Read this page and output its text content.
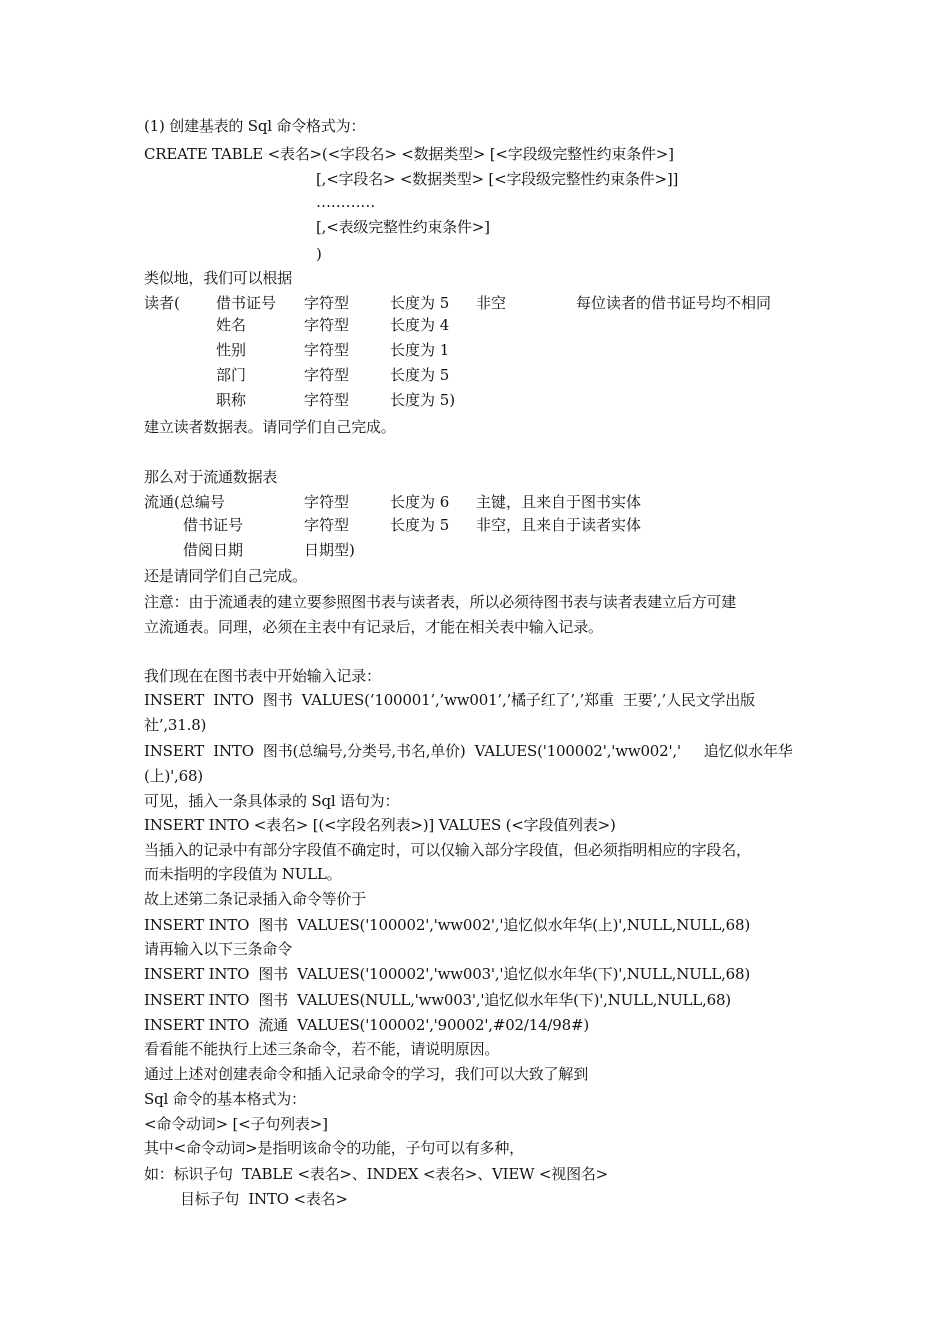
(1) 创建基表的 Sql 命令格式为：
CREATE TABLE <表名>(<字段名> <数据类型> [<字段级完整性约束条件>]
[,<字段名> <数据类型> [<字段级完整性约束条件>]]
…………
[,<表级完整性约束条件>]
)
类似地，我们可以根据
读者( 借书证号 字符型	长度为 5 非空	每位读者的借书证号均不相同
姓名	字符型	长度为 4
性别	字符型	长度为 1
部门	字符型	长度为 5
职称	字符型	长度为 5)
建立读者数据表。请同学们自己完成。
那么对于流通数据表
流通(总编号	字符型	长度为 6 主键，且来自于图书实体
借书证号	字符型	长度为 5 非空，且来自于读者实体
借阅日期	日期型)
还是请同学们自己完成。
注意：由于流通表的建立要参照图书表与读者表，所以必须待图书表与读者表建立后方可建
立流通表。同理，必须在主表中有记录后，才能在相关表中输入记录。
我们现在在图书表中开始输入记录：
INSERT  INTO  图书  VALUES(‘100001’,’ww001’,’橘子红了’,’郑重  王要’,’人民文学出版
社’,31.8)
INSERT  INTO  图书(总编号,分类号,书名,单价)  VALUES('100002','ww002','     追忆似水年华
(上)',68)
可见，插入一条具体录的 Sql 语句为：
INSERT INTO <表名> [(<字段名列表>)] VALUES (<字段值列表>)
当插入的记录中有部分字段值不确定时，可以仅输入部分字段值，但必须指明相应的字段名，
而未指明的字段值为 NULL。
故上述第二条记录插入命令等价于
INSERT INTO  图书  VALUES('100002','ww002','追忆似水年华(上)',NULL,NULL,68)
请再输入以下三条命令
INSERT INTO  图书  VALUES('100002','ww003','追忆似水年华(下)',NULL,NULL,68)
INSERT INTO  图书  VALUES(NULL,'ww003','追忆似水年华(下)',NULL,NULL,68)
INSERT INTO  流通  VALUES('100002','90002',#02/14/98#)
看看能不能执行上述三条命令，若不能，请说明原因。
通过上述对创建表命令和插入记录命令的学习，我们可以大致了解到
Sql 命令的基本格式为：
<命令动词> [<子句列表>]
其中<命令动词>是指明该命令的功能，子句可以有多种，
如：标识子句  TABLE <表名>、INDEX <表名>、VIEW <视图名>
目标子句  INTO <表名>
